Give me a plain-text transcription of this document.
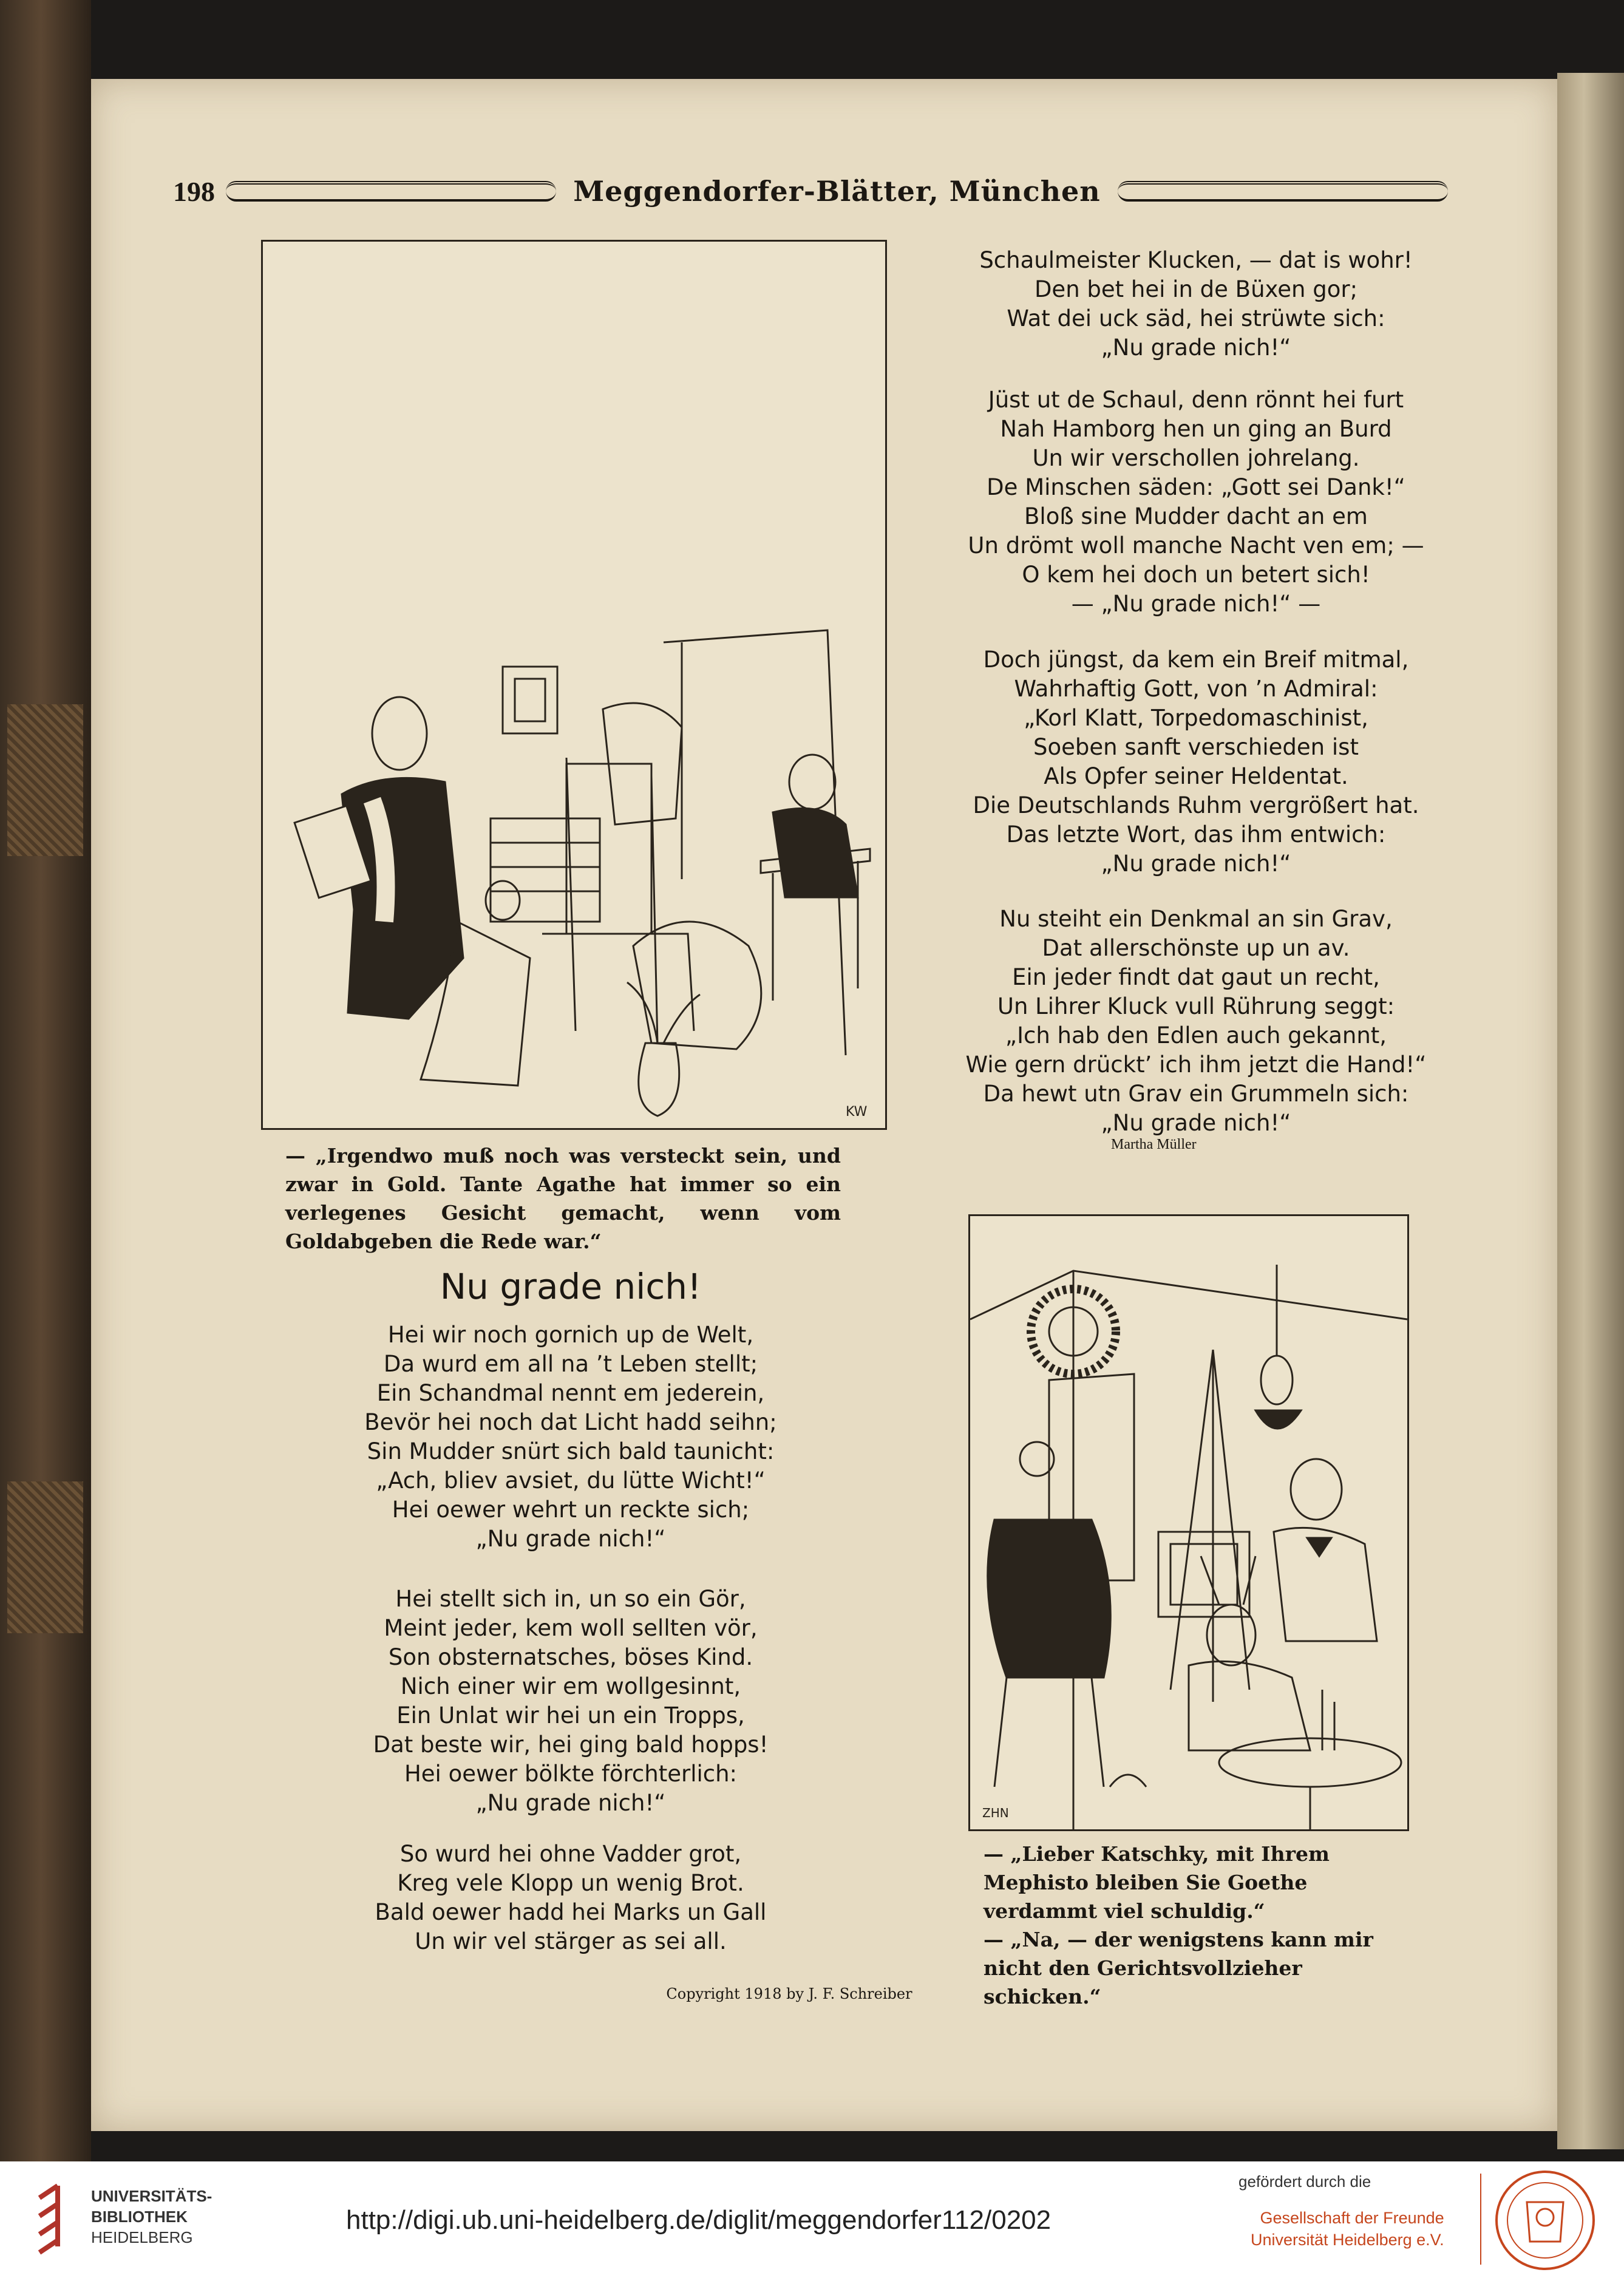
198	Meggendorfer-Blätter, München
KW
— „Irgendwo muß noch was versteckt sein, und zwar in Gold. Tante Agathe hat immer so ein verlegenes Gesicht gemacht, wenn vom Goldabgeben die Rede war.“
Nu grade nich!
Hei wir noch gornich up de Welt,
Da wurd em all na ’t Leben stellt;
Ein Schandmal nennt em jederein,
Bevör hei noch dat Licht hadd seihn;
Sin Mudder snürt sich bald taunicht:
„Ach, bliev avsiet, du lütte Wicht!“
Hei oewer wehrt un reckte sich;
„Nu grade nich!“
Hei stellt sich in, un so ein Gör,
Meint jeder, kem woll sellten vör,
Son obsternatsches, böses Kind.
Nich einer wir em wollgesinnt,
Ein Unlat wir hei un ein Tropps,
Dat beste wir, hei ging bald hopps!
Hei oewer bölkte förchterlich:
„Nu grade nich!“
So wurd hei ohne Vadder grot,
Kreg vele Klopp un wenig Brot.
Bald oewer hadd hei Marks un Gall
Un wir vel stärger as sei all.
Schaulmeister Klucken, — dat is wohr!
Den bet hei in de Büxen gor;
Wat dei uck säd, hei strüwte sich:
„Nu grade nich!“
Jüst ut de Schaul, denn rönnt hei furt
Nah Hamborg hen un ging an Burd
Un wir verschollen johrelang.
De Minschen säden: „Gott sei Dank!“
Bloß sine Mudder dacht an em
Un drömt woll manche Nacht ven em; —
O kem hei doch un betert sich!
— „Nu grade nich!“ —
Doch jüngst, da kem ein Breif mitmal,
Wahrhaftig Gott, von ’n Admiral:
„Korl Klatt, Torpedomaschinist,
Soeben sanft verschieden ist
Als Opfer seiner Heldentat.
Die Deutschlands Ruhm vergrößert hat.
Das letzte Wort, das ihm entwich:
„Nu grade nich!“
Nu steiht ein Denkmal an sin Grav,
Dat allerschönste up un av.
Ein jeder findt dat gaut un recht,
Un Lihrer Kluck vull Rührung seggt:
„Ich hab den Edlen auch gekannt,
Wie gern drückt’ ich ihm jetzt die Hand!“
Da hewt utn Grav ein Grummeln sich:
„Nu grade nich!“
Martha Müller
ZHN
— „Lieber Katschky, mit Ihrem Mephisto bleiben Sie Goethe verdammt viel schuldig.“
— „Na, — der wenigstens kann mir nicht den Gerichtsvollzieher schicken.“
Copyright 1918 by J. F. Schreiber
UNIVERSITÄTS-
BIBLIOTHEK
HEIDELBERG
http://digi.ub.uni-heidelberg.de/diglit/meggendorfer112/0202
gefördert durch die
Gesellschaft der Freunde
Universität Heidelberg e.V.
